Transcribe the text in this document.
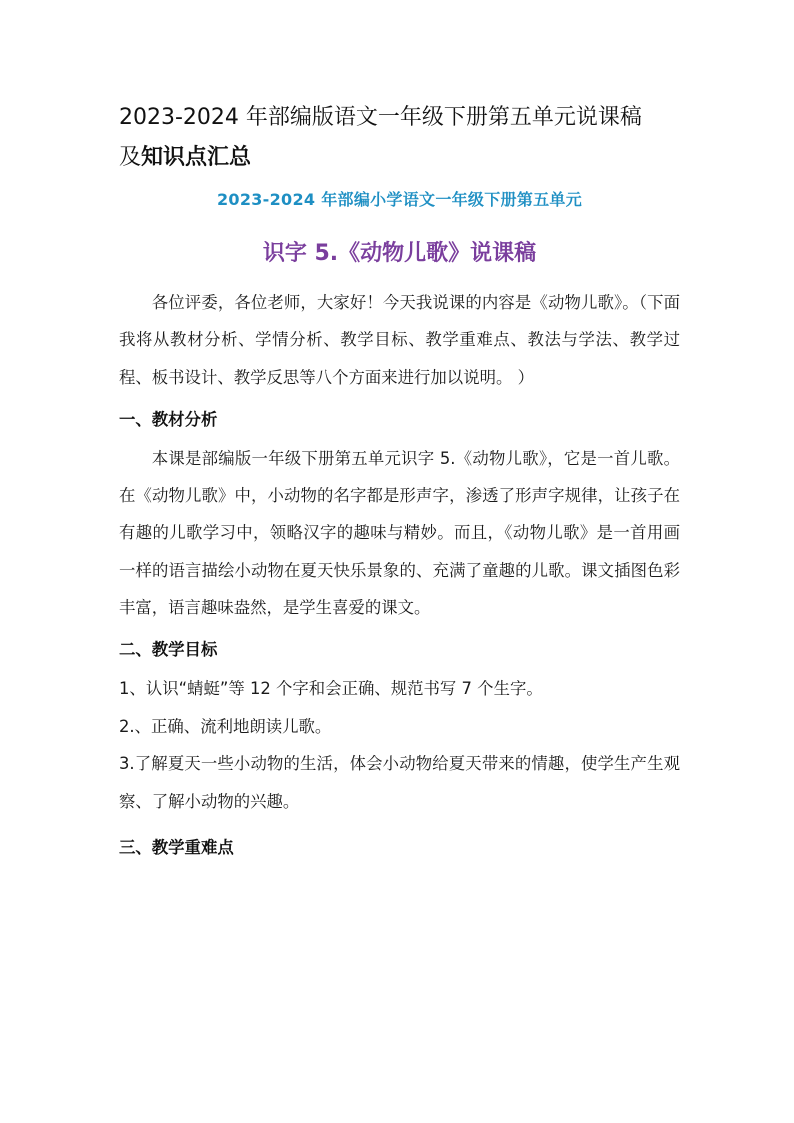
2023-2024 年部编版语文一年级下册第五单元说课稿
及知识点汇总

2023-2024 年部编小学语文一年级下册第五单元

识字 5.《动物儿歌》说课稿

各位评委，各位老师，大家好！今天我说课的内容是《动物儿歌》。（下面我将从教材分析、学情分析、教学目标、教学重难点、教法与学法、教学过程、板书设计、教学反思等八个方面来进行加以说明。 ）

一、教材分析

本课是部编版一年级下册第五单元识字 5.《动物儿歌》，它是一首儿歌。在《动物儿歌》中，小动物的名字都是形声字，渗透了形声字规律，让孩子在有趣的儿歌学习中，领略汉字的趣味与精妙。而且，《动物儿歌》是一首用画一样的语言描绘小动物在夏天快乐景象的、充满了童趣的儿歌。课文插图色彩丰富，语言趣味盎然，是学生喜爱的课文。

二、教学目标

1、认识“蜻蜓”等 12 个字和会正确、规范书写 7 个生字。

2.、正确、流利地朗读儿歌。

3.了解夏天一些小动物的生活，体会小动物给夏天带来的情趣，使学生产生观察、了解小动物的兴趣。

三、教学重难点
